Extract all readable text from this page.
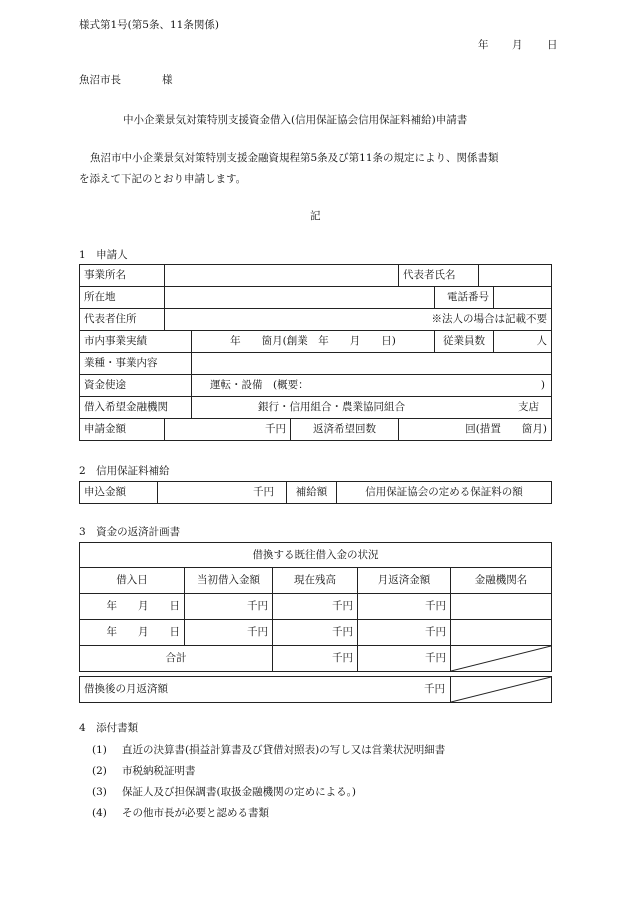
様式第1号(第5条、11条関係)
年 月 日
魚沼市長	様
中小企業景気対策特別支援資金借入(信用保証協会信用保証料補給)申請書
魚沼市中小企業景気対策特別支援金融資規程第5条及び第11条の規定により、関係書類
を添えて下記のとおり申請します。
記
1　申請人
事業所名				代表者氏名			
所在地					電話番号		
代表者住所	※法人の場合は記載不要						
市内事業実績		年　　箇月(創業　年　　月　　日)			従業員数		人
業種・事業内容							
資金使途		運転・設備　(概要： )					

借入希望金融機関		銀行・信用組合・農業協同組合 支店					

申請金額	千円		返済希望回数	回(措置　　箇月)			
2　信用保証料補給
申込金額	千円	補給額	信用保証協会の定める保証料の額
3　資金の返済計画書
借換する既往借入金の状況				
借入日	当初借入金額	現在残高	月返済金額	金融機関名
年　　月　　日	千円	千円	千円	
年　　月　　日	千円	千円	千円	
合計		千円	千円	
借換後の月返済額	千円

4　添付書類
(1) 直近の決算書(損益計算書及び貸借対照表)の写し又は営業状況明細書
(2) 市税納税証明書
(3) 保証人及び担保調書(取扱金融機関の定めによる。)
(4) その他市長が必要と認める書類
